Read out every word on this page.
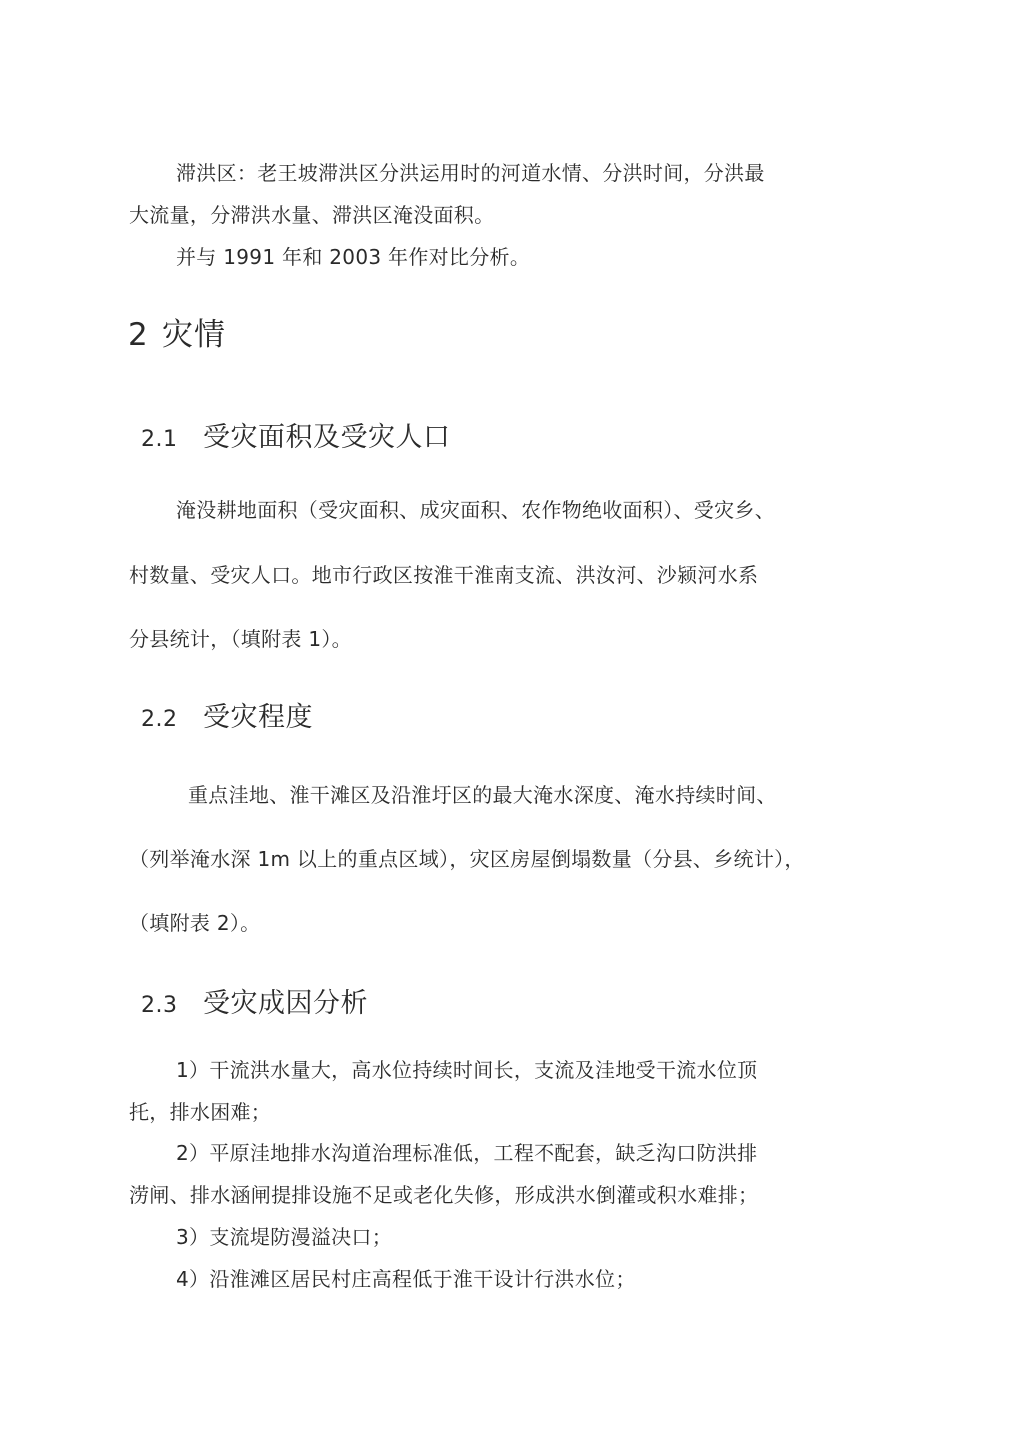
滞洪区：老王坡滞洪区分洪运用时的河道水情、分洪时间，分洪最
大流量，分滞洪水量、滞洪区淹没面积。
并与 1991 年和 2003 年作对比分析。
2 灾情
2.1 受灾面积及受灾人口
淹没耕地面积（受灾面积、成灾面积、农作物绝收面积）、受灾乡、
村数量、受灾人口。地市行政区按淮干淮南支流、洪汝河、沙颍河水系
分县统计，（填附表 1）。
2.2 受灾程度
重点洼地、淮干滩区及沿淮圩区的最大淹水深度、淹水持续时间、
（列举淹水深 1m 以上的重点区域），灾区房屋倒塌数量（分县、乡统计），
（填附表 2）。
2.3 受灾成因分析
1）干流洪水量大，高水位持续时间长，支流及洼地受干流水位顶
托，排水困难；
2）平原洼地排水沟道治理标准低，工程不配套，缺乏沟口防洪排
涝闸、排水涵闸提排设施不足或老化失修，形成洪水倒灌或积水难排；
3）支流堤防漫溢决口；
4）沿淮滩区居民村庄高程低于淮干设计行洪水位；
